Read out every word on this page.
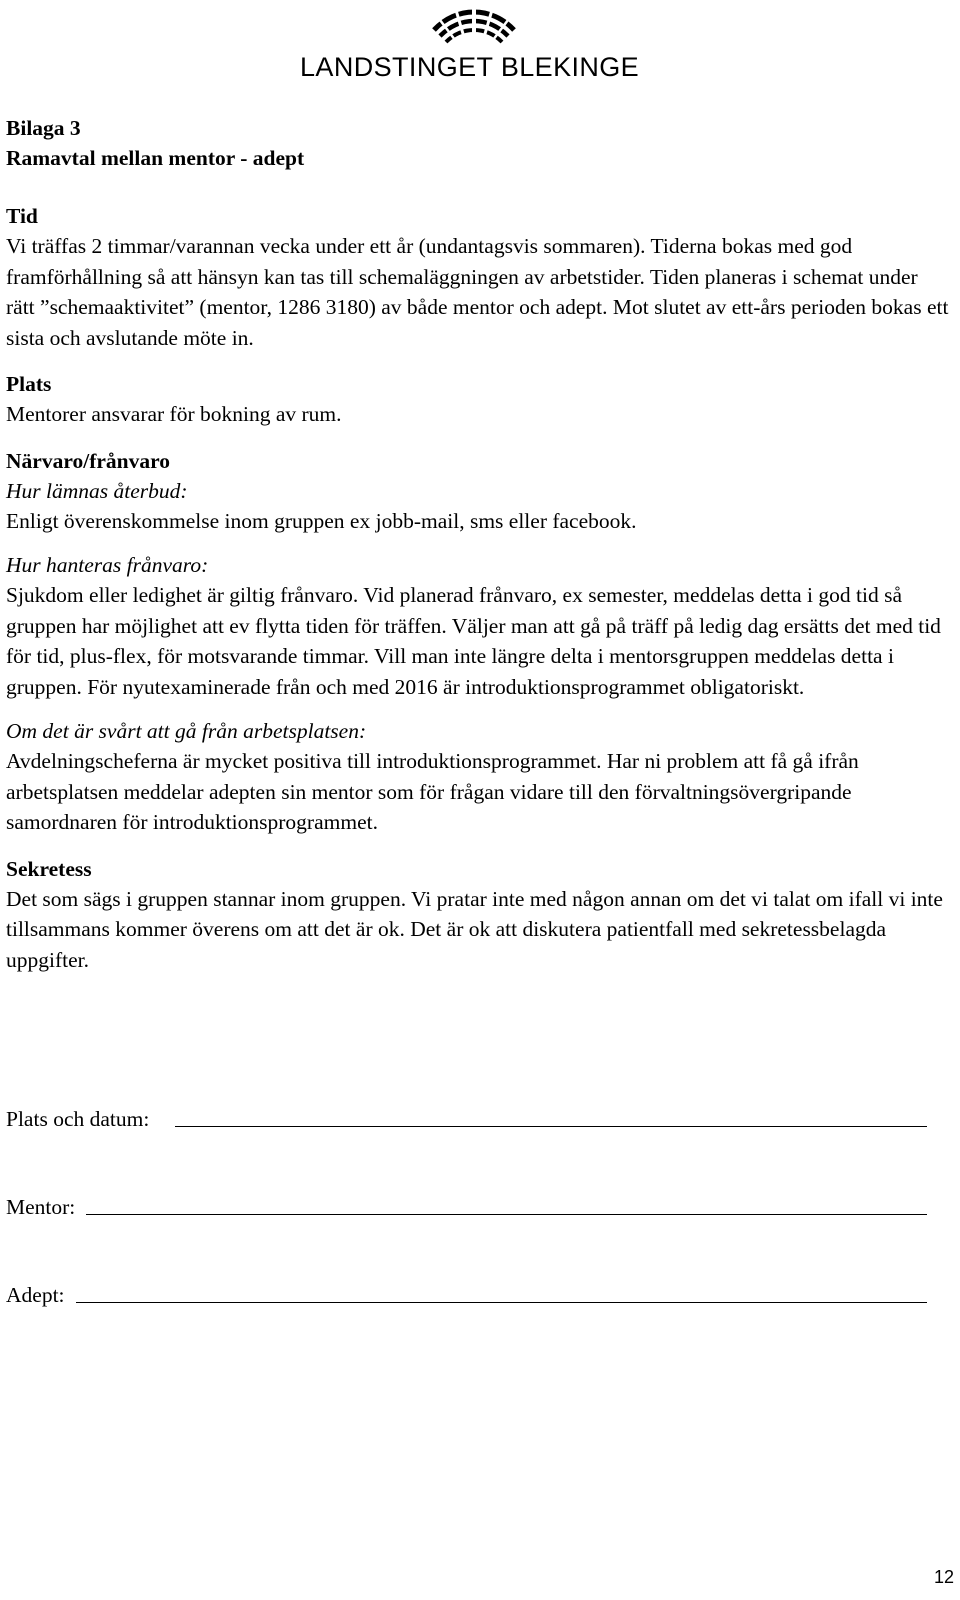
LANDSTINGET BLEKINGE

Bilaga 3

Ramavtal mellan mentor - adept

Tid

Vi träffas 2 timmar/varannan vecka under ett år (undantagsvis sommaren). Tiderna bokas med god framförhållning så att hänsyn kan tas till schemaläggningen av arbetstider. Tiden planeras i schemat under rätt ”schemaaktivitet” (mentor, 1286 3180) av både mentor och adept. Mot slutet av ett-års perioden bokas ett sista och avslutande möte in.

Plats

Mentorer ansvarar för bokning av rum.

Närvaro/frånvaro

Hur lämnas återbud:

Enligt överenskommelse inom gruppen ex jobb-mail, sms eller facebook.

Hur hanteras frånvaro:

Sjukdom eller ledighet är giltig frånvaro. Vid planerad frånvaro, ex semester, meddelas detta i god tid så gruppen har möjlighet att ev flytta tiden för träffen. Väljer man att gå på träff på ledig dag ersätts det med tid för tid, plus-flex, för motsvarande timmar. Vill man inte längre delta i mentorsgruppen meddelas detta i gruppen. För nyutexaminerade från och med 2016 är introduktionsprogrammet obligatoriskt.

Om det är svårt att gå från arbetsplatsen:

Avdelningscheferna är mycket positiva till introduktionsprogrammet. Har ni problem att få gå ifrån arbetsplatsen meddelar adepten sin mentor som för frågan vidare till den förvaltningsövergripande samordnaren för introduktionsprogrammet.

Sekretess

Det som sägs i gruppen stannar inom gruppen. Vi pratar inte med någon annan om det vi talat om ifall vi inte tillsammans kommer överens om att det är ok. Det är ok att diskutera patientfall med sekretessbelagda uppgifter.

Plats och datum:
Mentor:
Adept:
12
